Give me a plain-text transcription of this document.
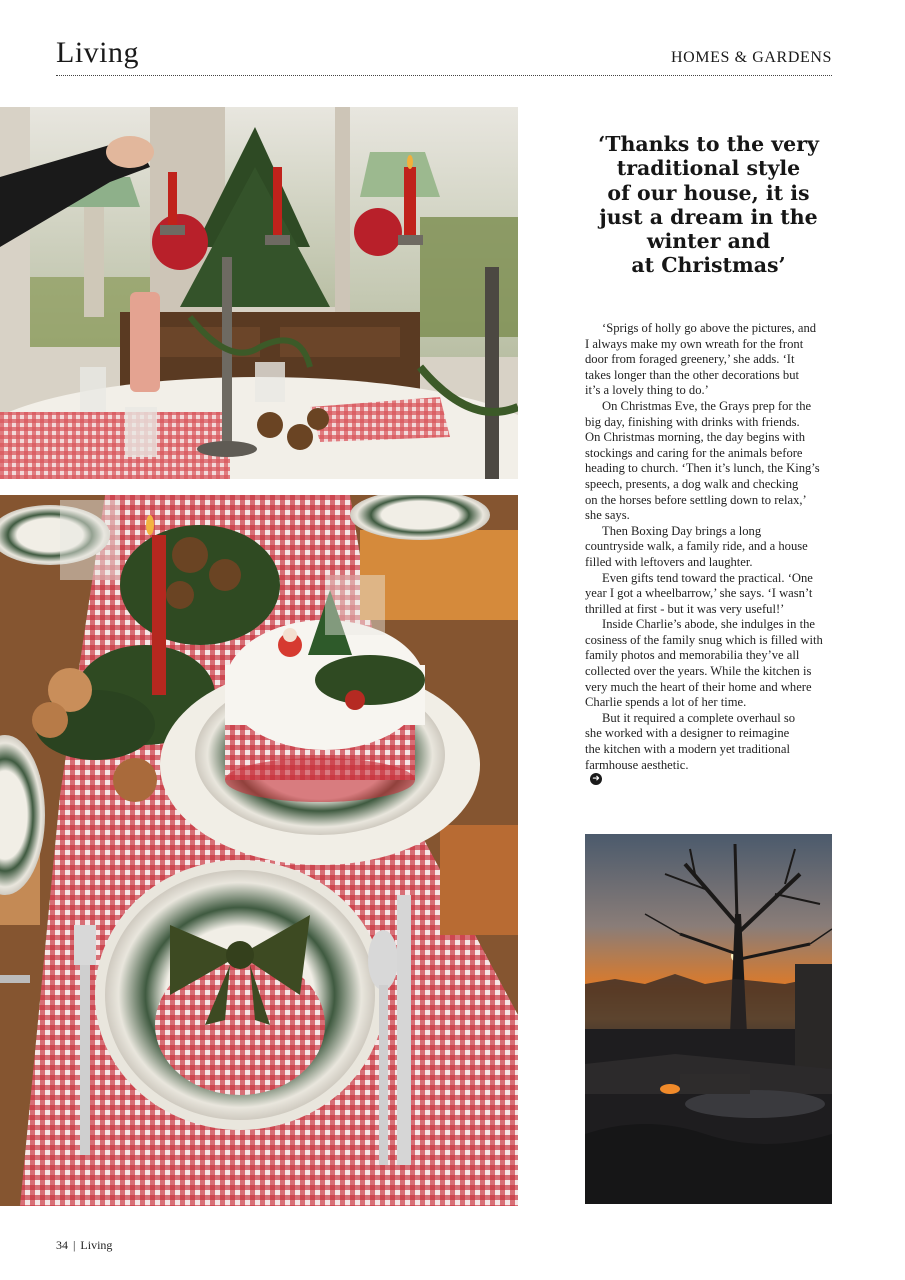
Living	HOMES & GARDENS
‘Thanks to the very
traditional style
of our house, it is
just a dream in the
winter and
at Christmas’
‘Sprigs of holly go above the pictures, and
I always make my own wreath for the front
door from foraged greenery,’ she adds. ‘It
takes longer than the other decorations but
it’s a lovely thing to do.’
On Christmas Eve, the Grays prep for the
big day, finishing with drinks with friends.
On Christmas morning, the day begins with
stockings and caring for the animals before
heading to church. ‘Then it’s lunch, the King’s
speech, presents, a dog walk and checking
on the horses before settling down to relax,’
she says.
Then Boxing Day brings a long
countryside walk, a family ride, and a house
filled with leftovers and laughter.
Even gifts tend toward the practical. ‘One
year I got a wheelbarrow,’ she says. ‘I wasn’t
thrilled at first - but it was very useful!’
Inside Charlie’s abode, she indulges in the
cosiness of the family snug which is filled with
family photos and memorabilia they’ve all
collected over the years. While the kitchen is
very much the heart of their home and where
Charlie spends a lot of her time.
But it required a complete overhaul so
she worked with a designer to reimagine
the kitchen with a modern yet traditional
farmhouse aesthetic.
➜
34 | Living
